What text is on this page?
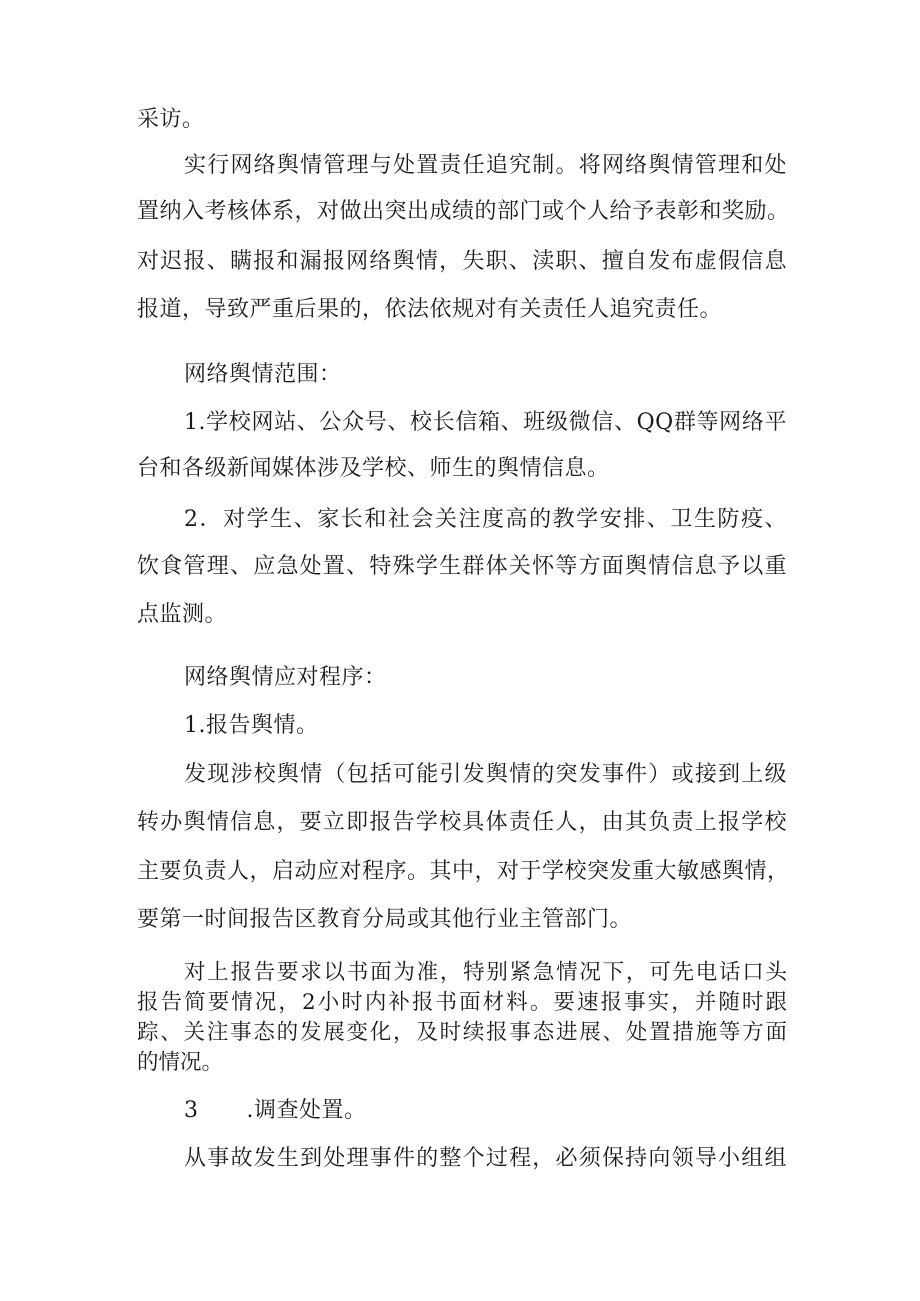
采访。
实行网络舆情管理与处置责任追究制。将网络舆情管理和处
置纳入考核体系，对做出突出成绩的部门或个人给予表彰和奖励。
对迟报、瞒报和漏报网络舆情，失职、渎职、擅自发布虚假信息
报道，导致严重后果的，依法依规对有关责任人追究责任。
网络舆情范围：
1.学校网站、公众号、校长信箱、班级微信、QQ群等网络平
台和各级新闻媒体涉及学校、师生的舆情信息。
2．对学生、家长和社会关注度高的教学安排、卫生防疫、
饮食管理、应急处置、特殊学生群体关怀等方面舆情信息予以重
点监测。
网络舆情应对程序：
1.报告舆情。
发现涉校舆情（包括可能引发舆情的突发事件）或接到上级
转办舆情信息，要立即报告学校具体责任人，由其负责上报学校
主要负责人，启动应对程序。其中，对于学校突发重大敏感舆情，
要第一时间报告区教育分局或其他行业主管部门。
对上报告要求以书面为准，特别紧急情况下，可先电话口头
报告简要情况，2小时内补报书面材料。要速报事实，并随时跟
踪、关注事态的发展变化，及时续报事态进展、处置措施等方面
的情况。
3 .调查处置。
从事故发生到处理事件的整个过程，必须保持向领导小组组
